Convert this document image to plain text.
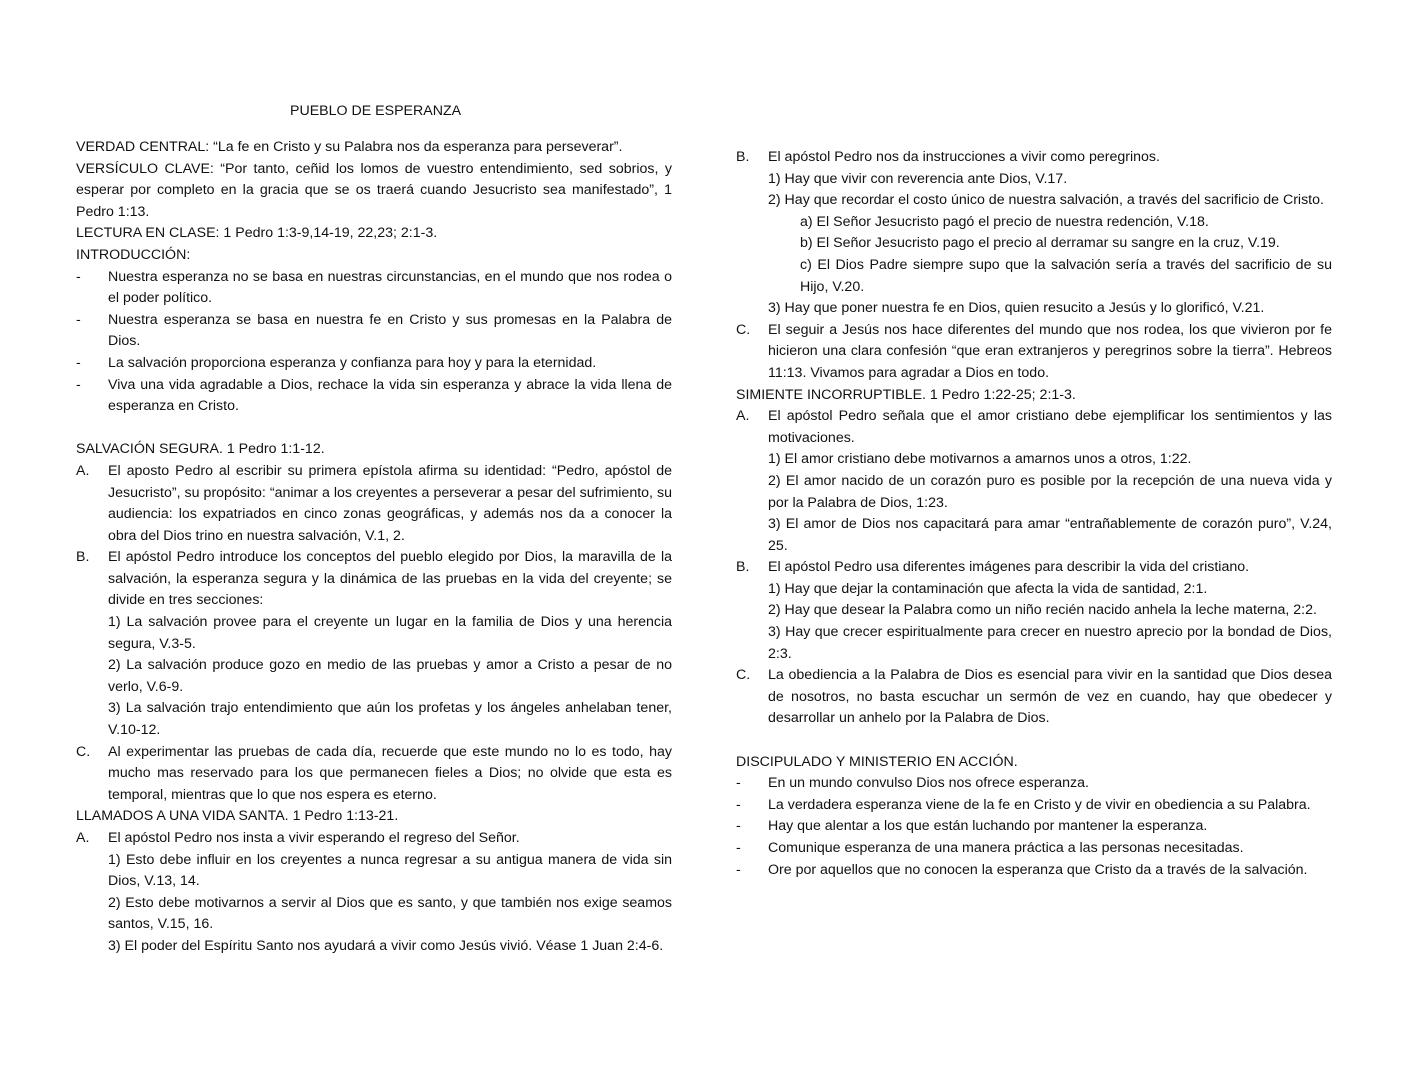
PUEBLO DE ESPERANZA

VERDAD CENTRAL: “La fe en Cristo y su Palabra nos da esperanza para perseverar”.

VERSÍCULO CLAVE: “Por tanto, ceñid los lomos de vuestro entendimiento, sed sobrios, y esperar por completo en la gracia que se os traerá cuando Jesucristo sea manifestado”, 1 Pedro 1:13.

LECTURA EN CLASE: 1 Pedro 1:3-9,14-19, 22,23; 2:1-3.

INTRODUCCIÓN:

-	Nuestra esperanza no se basa en nuestras circunstancias, en el mundo que nos rodea o el poder político.
-	Nuestra esperanza se basa en nuestra fe en Cristo y sus promesas en la Palabra de Dios.
-	La salvación proporciona esperanza y confianza para hoy y para la eternidad.
-	Viva una vida agradable a Dios, rechace la vida sin esperanza y abrace la vida llena de esperanza en Cristo.

SALVACIÓN SEGURA. 1 Pedro 1:1-12.

A.	El aposto Pedro al escribir su primera epístola afirma su identidad: “Pedro, apóstol de Jesucristo”, su propósito: “animar a los creyentes a perseverar a pesar del sufrimiento, su audiencia: los expatriados en cinco zonas geográficas, y además nos da a conocer la obra del Dios trino en nuestra salvación, V.1, 2.
B.	El apóstol Pedro introduce los conceptos del pueblo elegido por Dios, la maravilla de la salvación, la esperanza segura y la dinámica de las pruebas en la vida del creyente; se divide en tres secciones:

1) La salvación provee para el creyente un lugar en la familia de Dios y una herencia segura, V.3-5.

2) La salvación produce gozo en medio de las pruebas y amor a Cristo a pesar de no verlo, V.6-9.

3) La salvación trajo entendimiento que aún los profetas y los ángeles anhelaban tener, V.10-12.

C.	Al experimentar las pruebas de cada día, recuerde que este mundo no lo es todo, hay mucho mas reservado para los que permanecen fieles a Dios; no olvide que esta es temporal, mientras que lo que nos espera es eterno.

LLAMADOS A UNA VIDA SANTA. 1 Pedro 1:13-21.

A.	El apóstol Pedro nos insta a vivir esperando el regreso del Señor.

1) Esto debe influir en los creyentes a nunca regresar a su antigua manera de vida sin Dios, V.13, 14.

2) Esto debe motivarnos a servir al Dios que es santo, y que también nos exige seamos santos, V.15, 16.

3) El poder del Espíritu Santo nos ayudará a vivir como Jesús vivió. Véase 1 Juan 2:4-6.

B.	El apóstol Pedro nos da instrucciones a vivir como peregrinos.

1) Hay que vivir con reverencia ante Dios, V.17.

2) Hay que recordar el costo único de nuestra salvación, a través del sacrificio de Cristo.

a) El Señor Jesucristo pagó el precio de nuestra redención, V.18.

b) El Señor Jesucristo pago el precio al derramar su sangre en la cruz, V.19.

c) El Dios Padre siempre supo que la salvación sería a través del sacrificio de su Hijo, V.20.

3) Hay que poner nuestra fe en Dios, quien resucito a Jesús y lo glorificó, V.21.

C.	El seguir a Jesús nos hace diferentes del mundo que nos rodea, los que vivieron por fe hicieron una clara confesión “que eran extranjeros y peregrinos sobre la tierra”. Hebreos 11:13. Vivamos para agradar a Dios en todo.

SIMIENTE INCORRUPTIBLE. 1 Pedro 1:22-25; 2:1-3.

A.	El apóstol Pedro señala que el amor cristiano debe ejemplificar los sentimientos y las motivaciones.

1) El amor cristiano debe motivarnos a amarnos unos a otros, 1:22.

2) El amor nacido de un corazón puro es posible por la recepción de una nueva vida y por la Palabra de Dios, 1:23.

3) El amor de Dios nos capacitará para amar “entrañablemente de corazón puro”, V.24, 25.

B.	El apóstol Pedro usa diferentes imágenes para describir la vida del cristiano.

1) Hay que dejar la contaminación que afecta la vida de santidad, 2:1.

2) Hay que desear la Palabra como un niño recién nacido anhela la leche materna, 2:2.

3) Hay que crecer espiritualmente para crecer en nuestro aprecio por la bondad de Dios, 2:3.

C.	La obediencia a la Palabra de Dios es esencial para vivir en la santidad que Dios desea de nosotros, no basta escuchar un sermón de vez en cuando, hay que obedecer y desarrollar un anhelo por la Palabra de Dios.

DISCIPULADO Y MINISTERIO EN ACCIÓN.

-	En un mundo convulso Dios nos ofrece esperanza.
-	La verdadera esperanza viene de la fe en Cristo y de vivir en obediencia a su Palabra.
-	Hay que alentar a los que están luchando por mantener la esperanza.
-	Comunique esperanza de una manera práctica a las personas necesitadas.
-	Ore por aquellos que no conocen la esperanza que Cristo da a través de la salvación.
